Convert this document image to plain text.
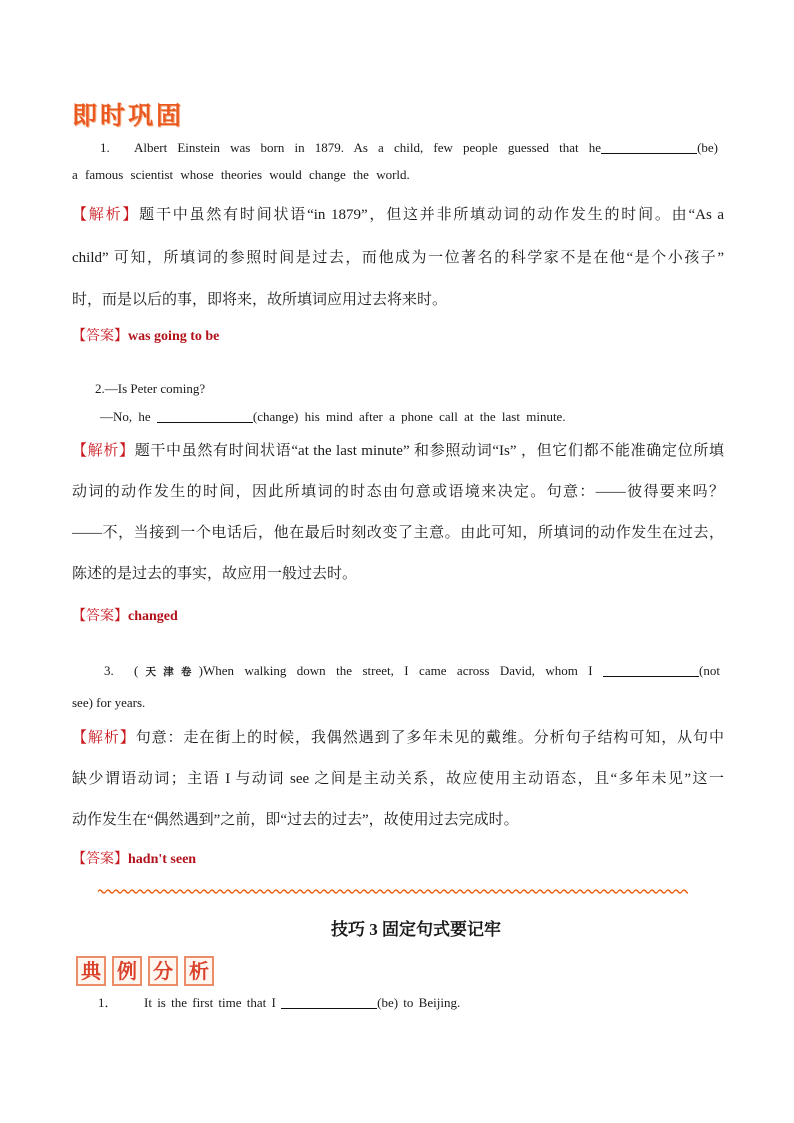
即时巩固
1. Albert Einstein was born in 1879. As a child, few people guessed that he	(be)
a famous scientist whose theories would change the world.
【解析】题干中虽然有时间状语“in 1879”，但这并非所填动词的动作发生的时间。由“As a
child” 可知，所填词的参照时间是过去，而他成为一位著名的科学家不是在他“是个小孩子”
时，而是以后的事，即将来，故所填词应用过去将来时。
【答案】was going to be
2.—Is Peter coming?
—No, he	(change) his mind after a phone call at the last minute.
【解析】题干中虽然有时间状语“at the last minute” 和参照动词“Is” ，但它们都不能准确定位所填
动词的动作发生的时间，因此所填词的时态由句意或语境来决定。句意：——彼得要来吗？
——不，当接到一个电话后，他在最后时刻改变了主意。由此可知，所填词的动作发生在过去，
陈述的是过去的事实，故应用一般过去时。
【答案】changed
3. (天津卷)When walking down the street, I came across David, whom I	(not
see) for years.
【解析】句意：走在街上的时候，我偶然遇到了多年未见的戴维。分析句子结构可知，从句中
缺少谓语动词；主语 I 与动词 see 之间是主动关系，故应使用主动语态，且“多年未见”这一
动作发生在“偶然遇到”之前，即“过去的过去”，故使用过去完成时。
【答案】hadn't seen
技巧 3 固定句式要记牢
典 例 分 析
1． It is the first time that I	(be) to Beijing.
